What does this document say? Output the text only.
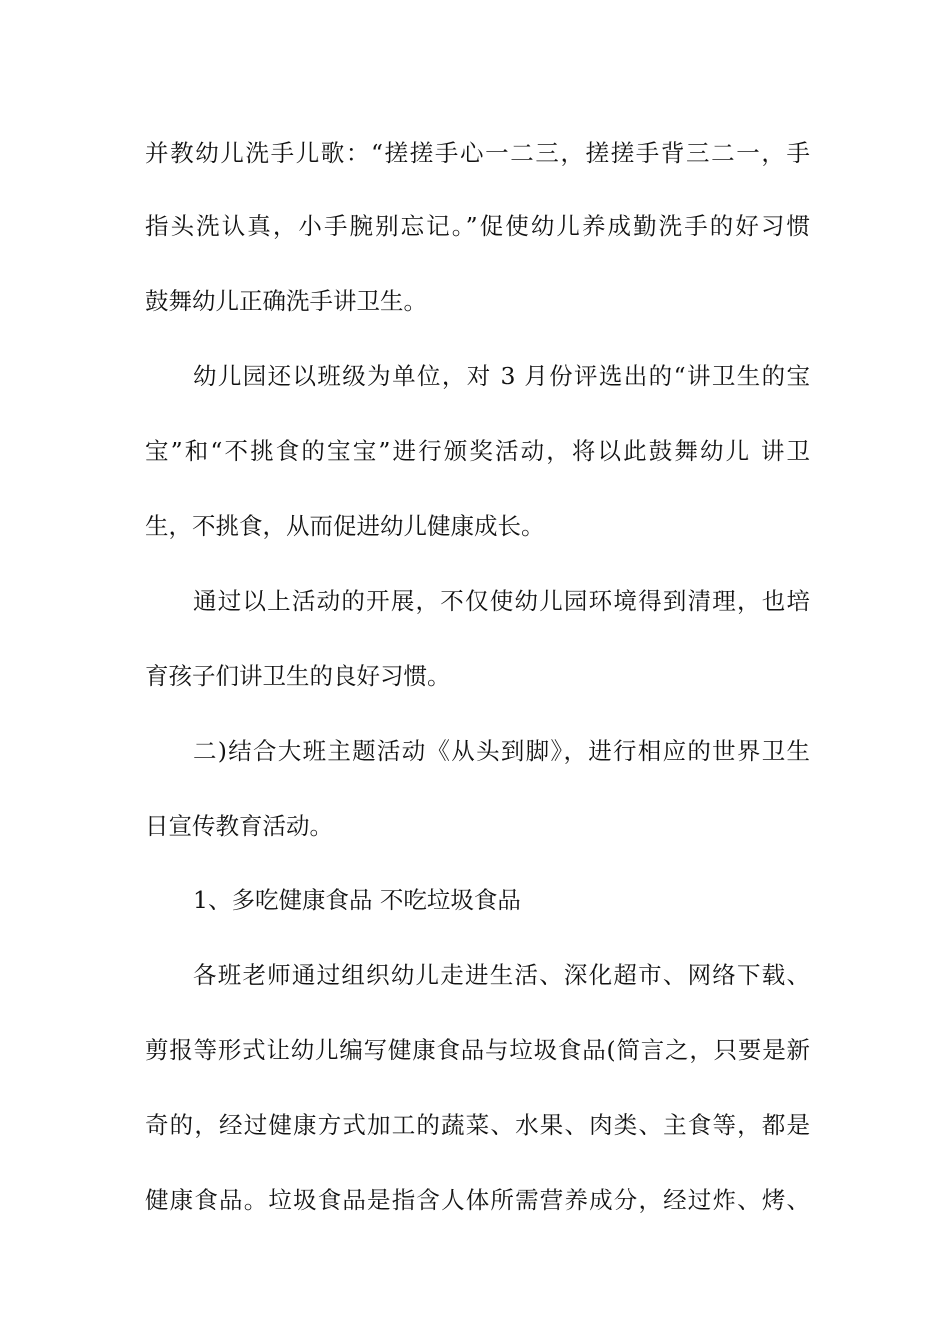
并教幼儿洗手儿歌：“搓搓手心一二三，搓搓手背三二一，手
指头洗认真，小手腕别忘记。”促使幼儿养成勤洗手的好习惯
鼓舞幼儿正确洗手讲卫生。
幼儿园还以班级为单位，对 3 月份评选出的“讲卫生的宝
宝”和“不挑食的宝宝”进行颁奖活动，将以此鼓舞幼儿 讲卫
生，不挑食，从而促进幼儿健康成长。
通过以上活动的开展，不仅使幼儿园环境得到清理，也培
育孩子们讲卫生的良好习惯。
二)结合大班主题活动《从头到脚》，进行相应的世界卫生
日宣传教育活动。
1、多吃健康食品 不吃垃圾食品
各班老师通过组织幼儿走进生活、深化超市、网络下载、
剪报等形式让幼儿编写健康食品与垃圾食品(简言之，只要是新
奇的，经过健康方式加工的蔬菜、水果、肉类、主食等，都是
健康食品。垃圾食品是指含人体所需营养成分，经过炸、烤、
